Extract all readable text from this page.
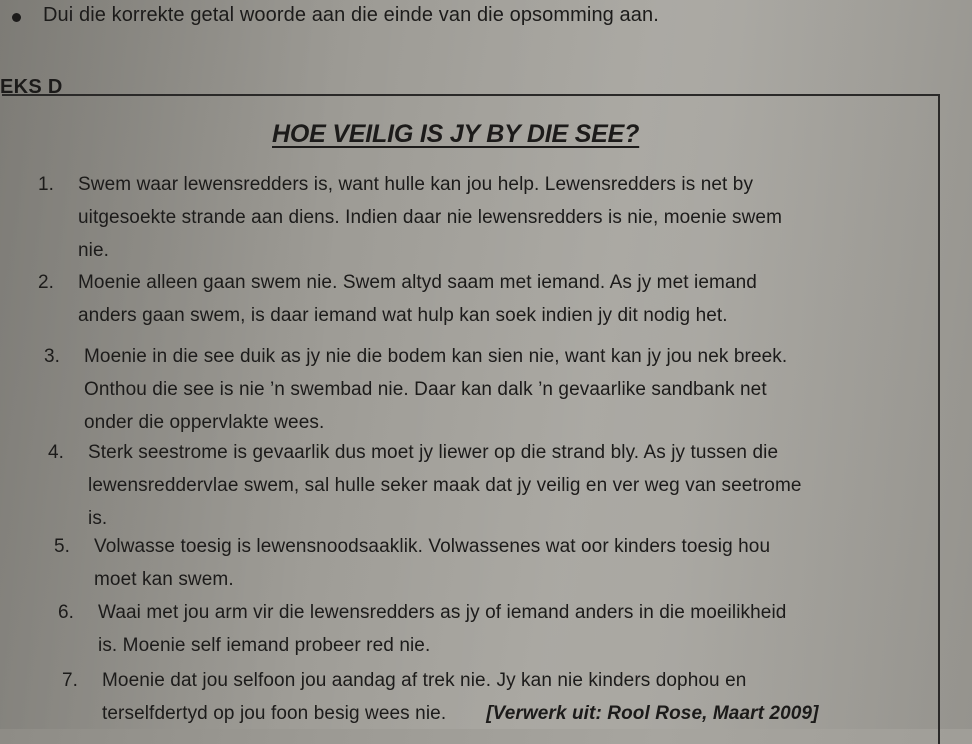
Dui die korrekte getal woorde aan die einde van die opsomming aan.
EKS D
HOE VEILIG IS JY BY DIE SEE?
1. Swem waar lewensredders is, want hulle kan jou help. Lewensredders is net by
uitgesoekte strande aan diens. Indien daar nie lewensredders is nie, moenie swem
nie.
2. Moenie alleen gaan swem nie. Swem altyd saam met iemand. As jy met iemand
anders gaan swem, is daar iemand wat hulp kan soek indien jy dit nodig het.
3. Moenie in die see duik as jy nie die bodem kan sien nie, want kan jy jou nek breek.
Onthou die see is nie ’n swembad nie. Daar kan dalk ’n gevaarlike sandbank net
onder die oppervlakte wees.
4. Sterk seestrome is gevaarlik dus moet jy liewer op die strand bly. As jy tussen die
lewensreddervlae swem, sal hulle seker maak dat jy veilig en ver weg van seetrome
is.
5. Volwasse toesig is lewensnoodsaaklik. Volwassenes wat oor kinders toesig hou
moet kan swem.
6. Waai met jou arm vir die lewensredders as jy of iemand anders in die moeilikheid
is. Moenie self iemand probeer red nie.
7. Moenie dat jou selfoon jou aandag af trek nie. Jy kan nie kinders dophou en
terselfdertyd op jou foon besig wees nie. [Verwerk uit: Rool Rose, Maart 2009]
